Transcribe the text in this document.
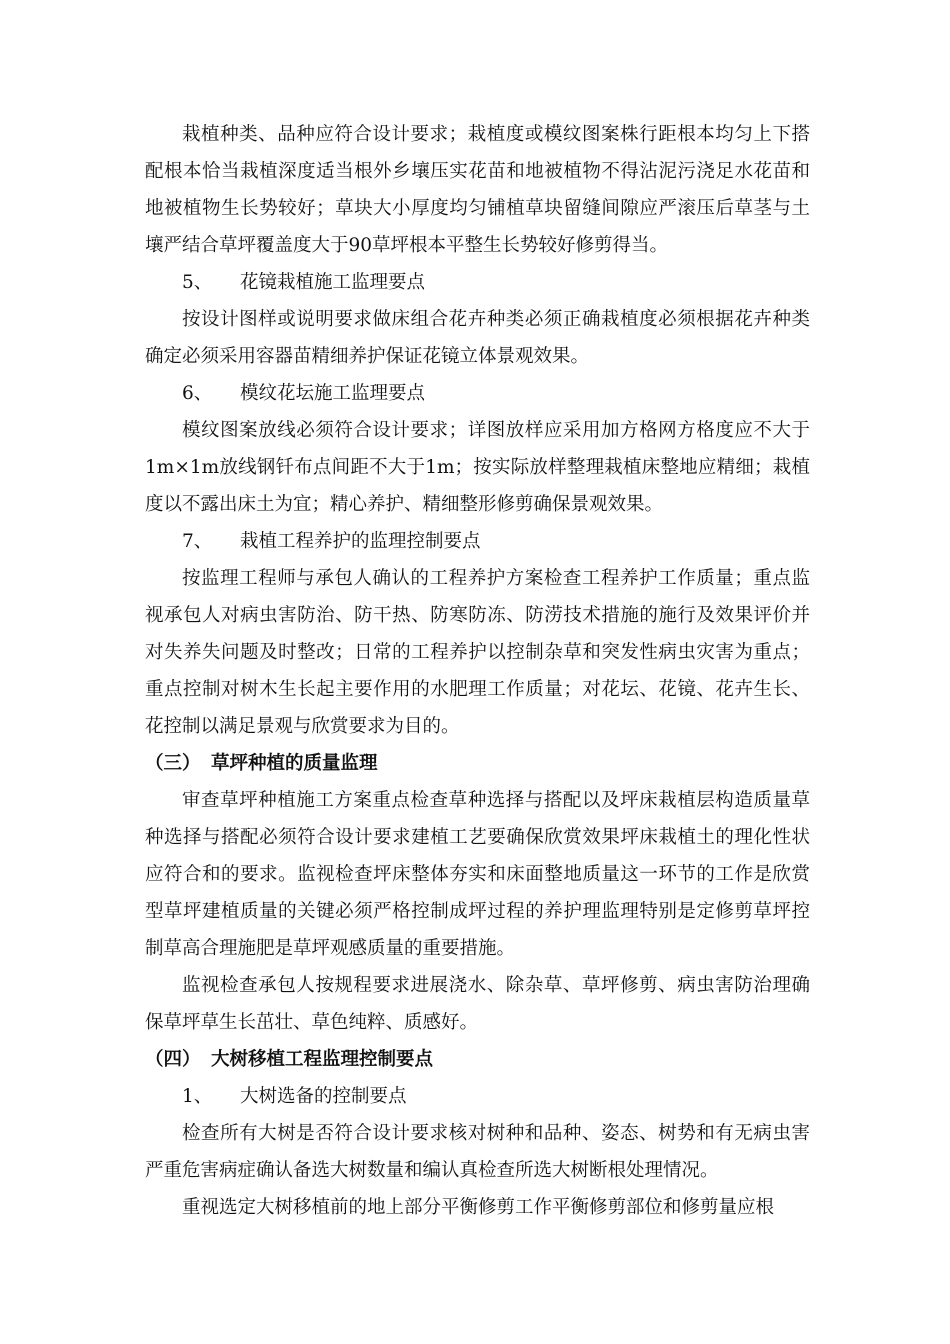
栽植种类、品种应符合设计要求；栽植度或模纹图案株行距根本均匀上下搭配根本恰当栽植深度适当根外乡壤压实花苗和地被植物不得沾泥污浇足水花苗和地被植物生长势较好；草块大小厚度均匀铺植草块留缝间隙应严滚压后草茎与土壤严结合草坪覆盖度大于90草坪根本平整生长势较好修剪得当。

5、 花镜栽植施工监理要点

按设计图样或说明要求做床组合花卉种类必须正确栽植度必须根据花卉种类确定必须采用容器苗精细养护保证花镜立体景观效果。

6、 模纹花坛施工监理要点

模纹图案放线必须符合设计要求；详图放样应采用加方格网方格度应不大于1m×1m放线钢钎布点间距不大于1m；按实际放样整理栽植床整地应精细；栽植度以不露出床土为宜；精心养护、精细整形修剪确保景观效果。

7、 栽植工程养护的监理控制要点

按监理工程师与承包人确认的工程养护方案检查工程养护工作质量；重点监视承包人对病虫害防治、防干热、防寒防冻、防涝技术措施的施行及效果评价并对失养失问题及时整改；日常的工程养护以控制杂草和突发性病虫灾害为重点；重点控制对树木生长起主要作用的水肥理工作质量；对花坛、花镜、花卉生长、花控制以满足景观与欣赏要求为目的。

（三） 草坪种植的质量监理

审查草坪种植施工方案重点检查草种选择与搭配以及坪床栽植层构造质量草种选择与搭配必须符合设计要求建植工艺要确保欣赏效果坪床栽植土的理化性状应符合和的要求。监视检查坪床整体夯实和床面整地质量这一环节的工作是欣赏型草坪建植质量的关键必须严格控制成坪过程的养护理监理特别是定修剪草坪控制草高合理施肥是草坪观感质量的重要措施。

监视检查承包人按规程要求进展浇水、除杂草、草坪修剪、病虫害防治理确保草坪草生长茁壮、草色纯粹、质感好。

（四） 大树移植工程监理控制要点

1、 大树选备的控制要点

检查所有大树是否符合设计要求核对树种和品种、姿态、树势和有无病虫害严重危害病症确认备选大树数量和编认真检查所选大树断根处理情况。

重视选定大树移植前的地上部分平衡修剪工作平衡修剪部位和修剪量应根
